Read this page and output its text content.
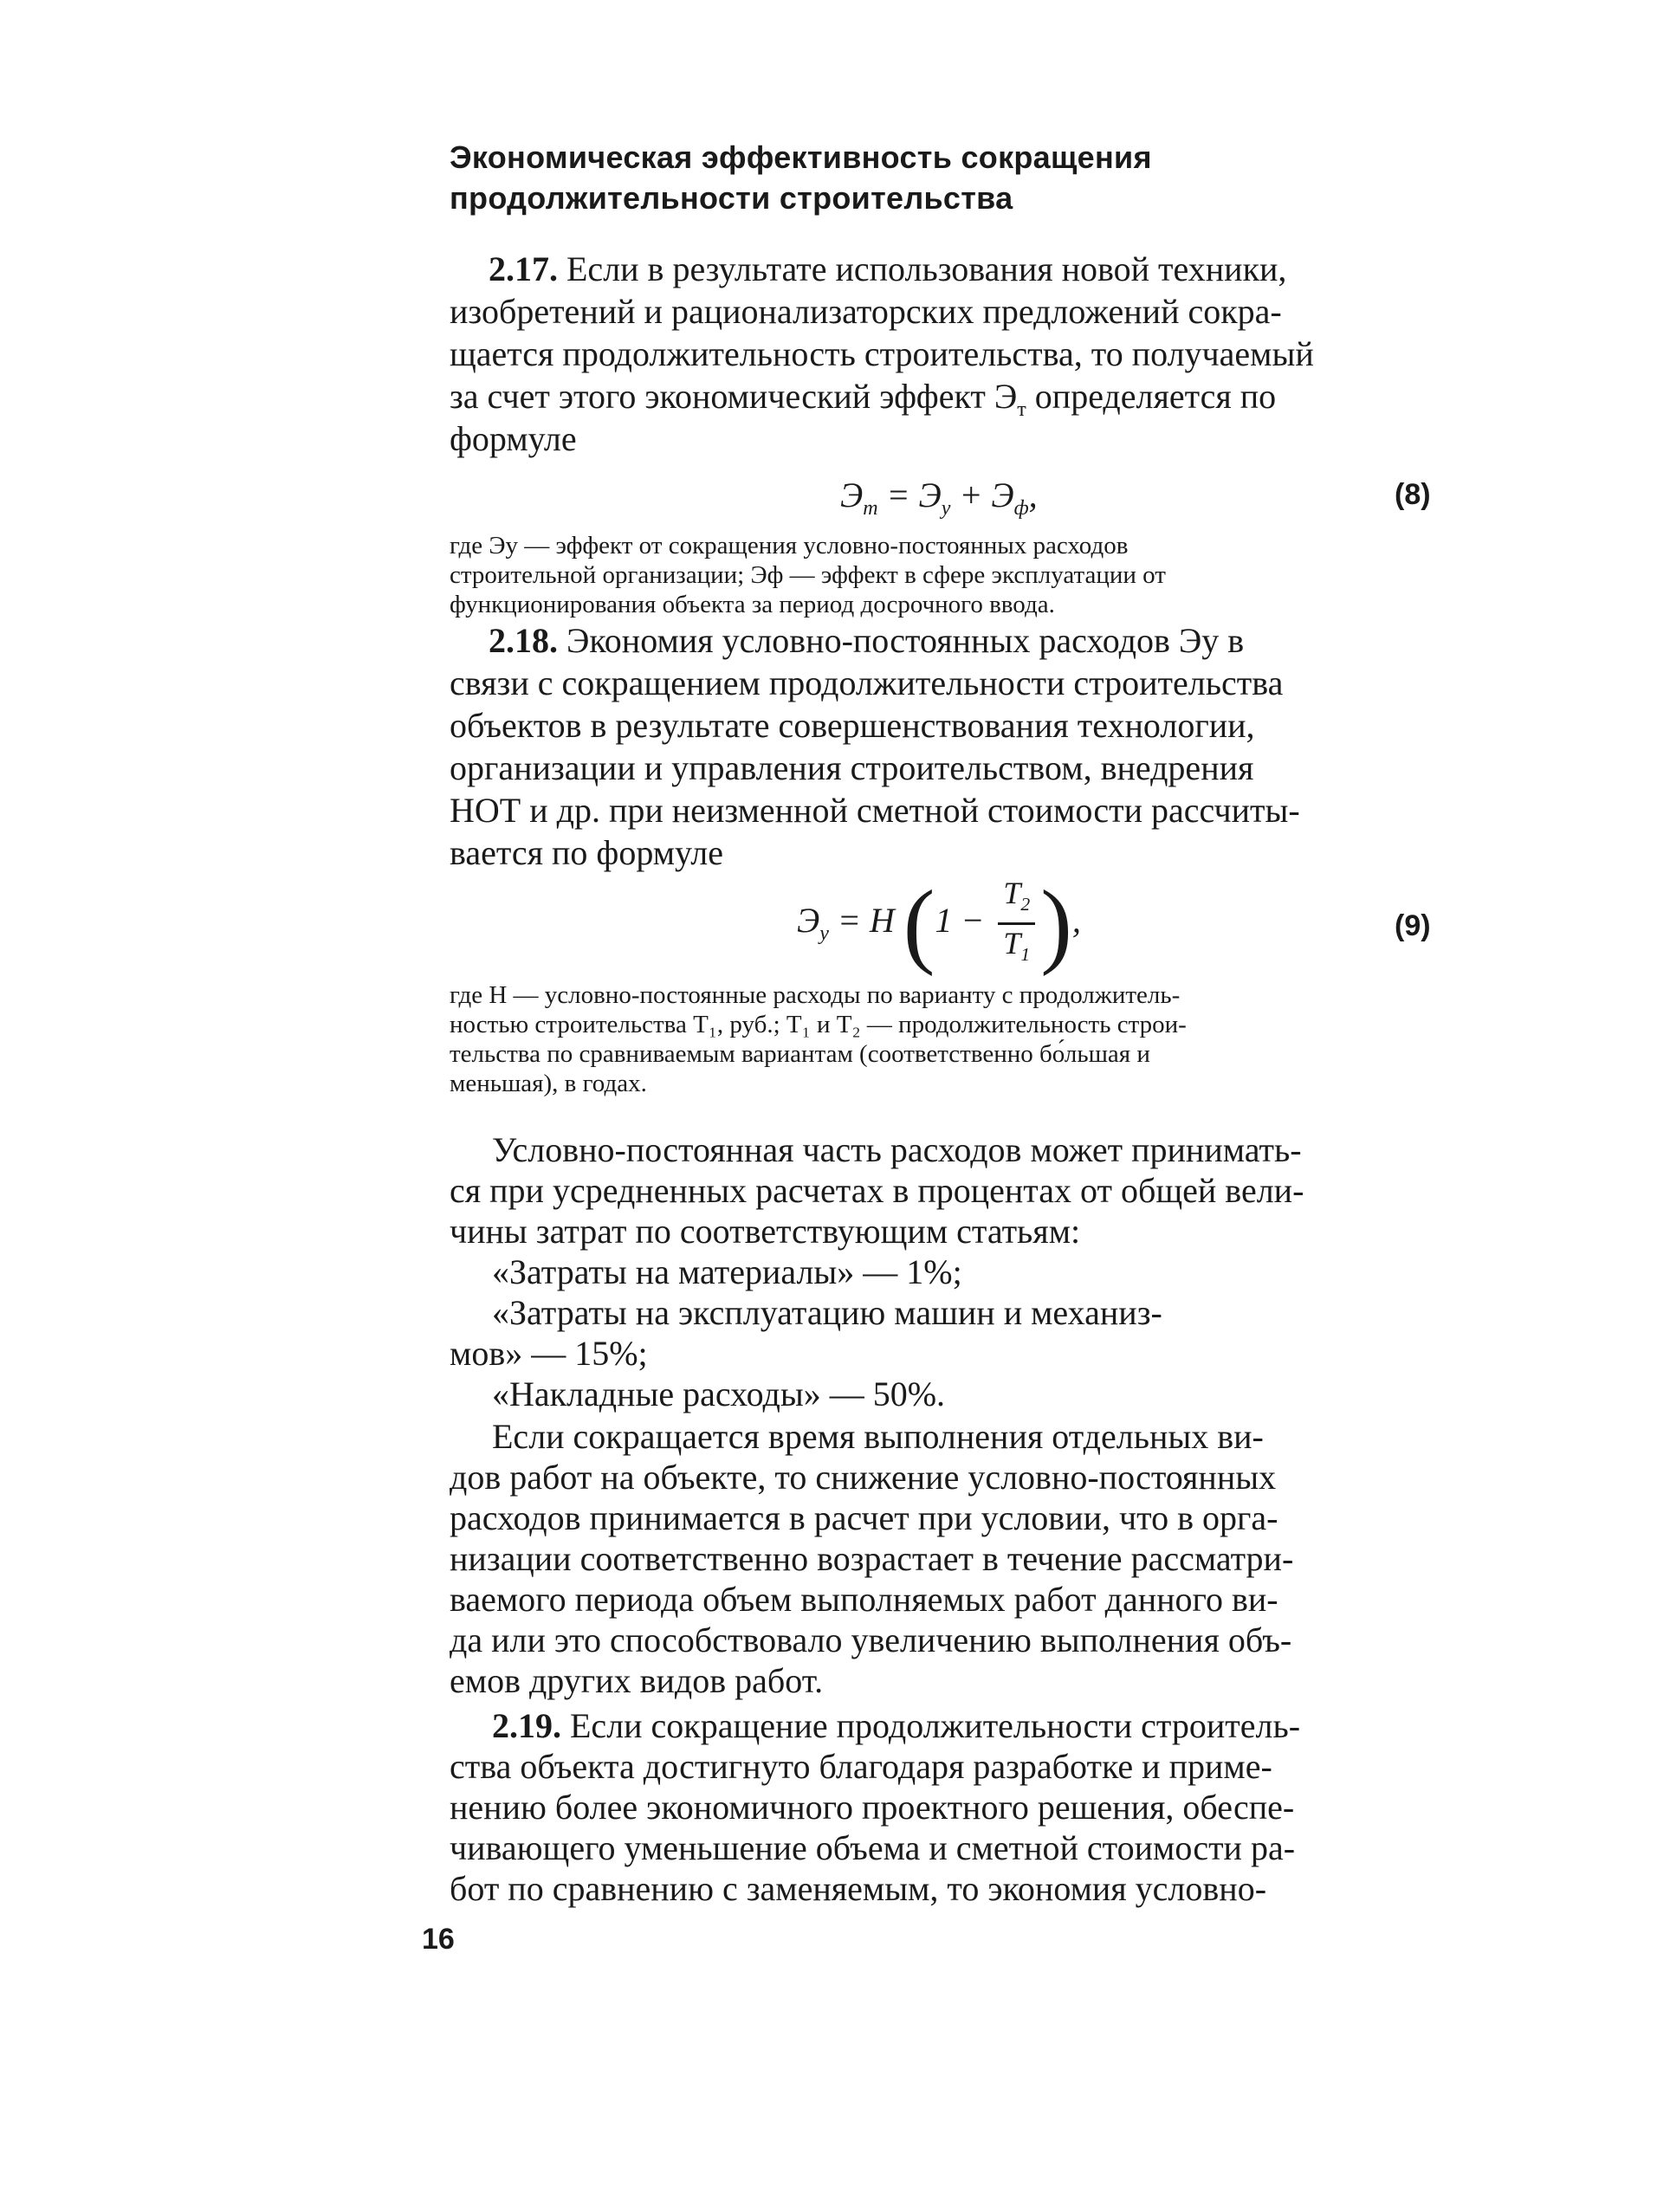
Экономическая эффективность сокращения
продолжительности строительства

2.17. Если в результате использования новой техники,

изобретений и рационализаторских предложений сокра-

щается продолжительность строительства, то получаемый

за счет этого экономический эффект $Э_т$ определяется по

формуле

$Э_т = Э_у + Э_ф$,	(8)

где Эу — эффект от сокращения условно-постоянных расходов

строительной организации; Эф — эффект в сфере эксплуатации от

функционирования объекта за период досрочного ввода.

2.18. Экономия условно-постоянных расходов Эу в

связи с сокращением продолжительности строительства

объектов в результате совершенствования технологии,

организации и управления строительством, внедрения

НОТ и др. при неизменной сметной стоимости рассчиты-

вается по формуле

$Э_у = H$ ($1 - \frac{T_2}{T_1}$ ),	(9)

где H — условно-постоянные расходы по варианту с продолжитель-

ностью строительства T₁, руб.; T₁ и T₂ — продолжительность строи-

тельства по сравниваемым вариантам (соответственно бо́льшая и

меньшая), в годах.

Условно-постоянная часть расходов может принимать-

ся при усредненных расчетах в процентах от общей вели-

чины затрат по соответствующим статьям:

«Затраты на материалы» — 1%;

«Затраты на эксплуатацию машин и механиз-

мов» — 15%;

«Накладные расходы» — 50%.

Если сокращается время выполнения отдельных ви-

дов работ на объекте, то снижение условно-постоянных

расходов принимается в расчет при условии, что в орга-

низации соответственно возрастает в течение рассматри-

ваемого периода объем выполняемых работ данного ви-

да или это способствовало увеличению выполнения объ-

емов других видов работ.

2.19. Если сокращение продолжительности строитель-

ства объекта достигнуто благодаря разработке и приме-

нению более экономичного проектного решения, обеспе-

чивающего уменьшение объема и сметной стоимости ра-

бот по сравнению с заменяемым, то экономия условно-

16
